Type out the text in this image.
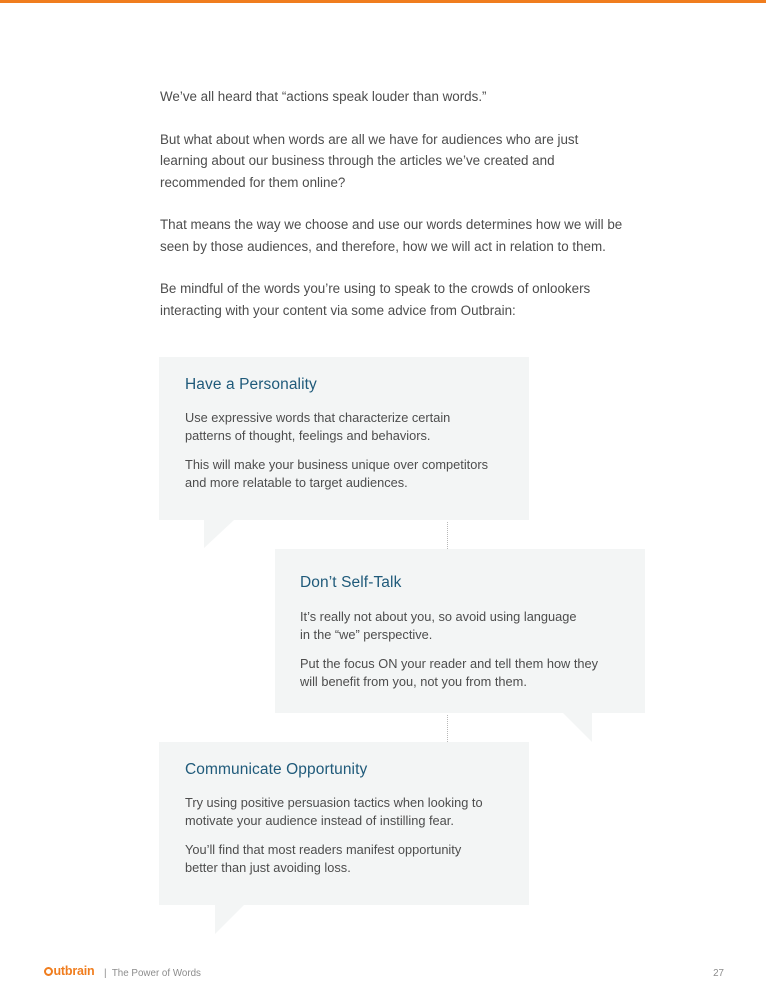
We’ve all heard that “actions speak louder than words.”

But what about when words are all we have for audiences who are just
learning about our business through the articles we’ve created and
recommended for them online?

That means the way we choose and use our words determines how we will be
seen by those audiences, and therefore, how we will act in relation to them.

Be mindful of the words you’re using to speak to the crowds of onlookers
interacting with your content via some advice from Outbrain:

Have a Personality

Use expressive words that characterize certain
patterns of thought, feelings and behaviors.

This will make your business unique over competitors
and more relatable to target audiences.

Don’t Self-Talk

It’s really not about you, so avoid using language
in the “we” perspective.

Put the focus ON your reader and tell them how they
will benefit from you, not you from them.

Communicate Opportunity

Try using positive persuasion tactics when looking to
motivate your audience instead of instilling fear.

You’ll find that most readers manifest opportunity
better than just avoiding loss.

utbrain | The Power of Words	27
